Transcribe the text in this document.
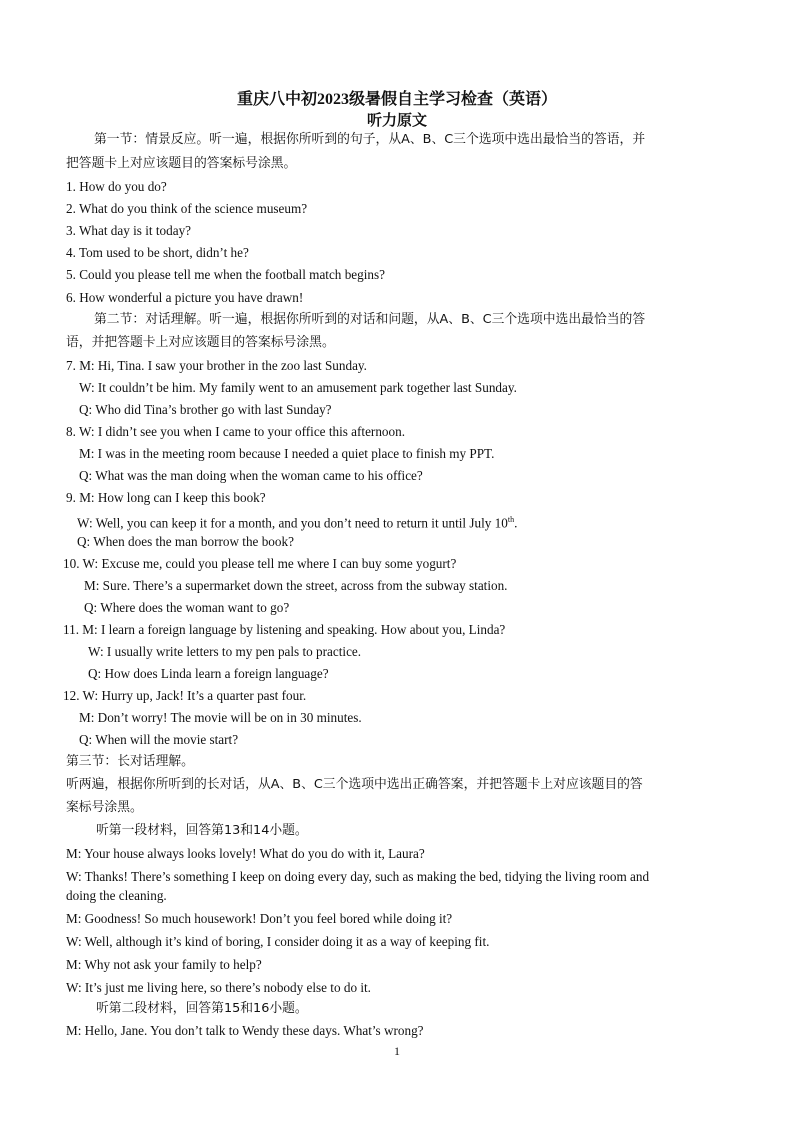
重庆八中初2023级暑假自主学习检查（英语）
听力原文
第一节：情景反应。听一遍，根据你所听到的句子，从A、B、C三个选项中选出最恰当的答语，并
把答题卡上对应该题目的答案标号涂黑。
1. How do you do?
2. What do you think of the science museum?
3. What day is it today?
4. Tom used to be short, didn’t he?
5. Could you please tell me when the football match begins?
6. How wonderful a picture you have drawn!
第二节：对话理解。听一遍，根据你所听到的对话和问题，从A、B、C三个选项中选出最恰当的答
语，并把答题卡上对应该题目的答案标号涂黑。
7. M: Hi, Tina. I saw your brother in the zoo last Sunday.
W: It couldn’t be him. My family went to an amusement park together last Sunday.
Q: Who did Tina’s brother go with last Sunday?
8. W: I didn’t see you when I came to your office this afternoon.
M: I was in the meeting room because I needed a quiet place to finish my PPT.
Q: What was the man doing when the woman came to his office?
9. M: How long can I keep this book?
W: Well, you can keep it for a month, and you don’t need to return it until July 10th.
Q: When does the man borrow the book?
10. W: Excuse me, could you please tell me where I can buy some yogurt?
M: Sure. There’s a supermarket down the street, across from the subway station.
Q: Where does the woman want to go?
11. M: I learn a foreign language by listening and speaking. How about you, Linda?
W: I usually write letters to my pen pals to practice.
Q: How does Linda learn a foreign language?
12. W: Hurry up, Jack! It’s a quarter past four.
M: Don’t worry! The movie will be on in 30 minutes.
Q: When will the movie start?
第三节：长对话理解。
听两遍，根据你所听到的长对话，从A、B、C三个选项中选出正确答案，并把答题卡上对应该题目的答
案标号涂黑。
听第一段材料，回答第13和14小题。
M: Your house always looks lovely! What do you do with it, Laura?
W: Thanks! There’s something I keep on doing every day, such as making the bed, tidying the living room and
doing the cleaning.
M: Goodness! So much housework! Don’t you feel bored while doing it?
W: Well, although it’s kind of boring, I consider doing it as a way of keeping fit.
M: Why not ask your family to help?
W: It’s just me living here, so there’s nobody else to do it.
听第二段材料，回答第15和16小题。
M: Hello, Jane. You don’t talk to Wendy these days. What’s wrong?
1
